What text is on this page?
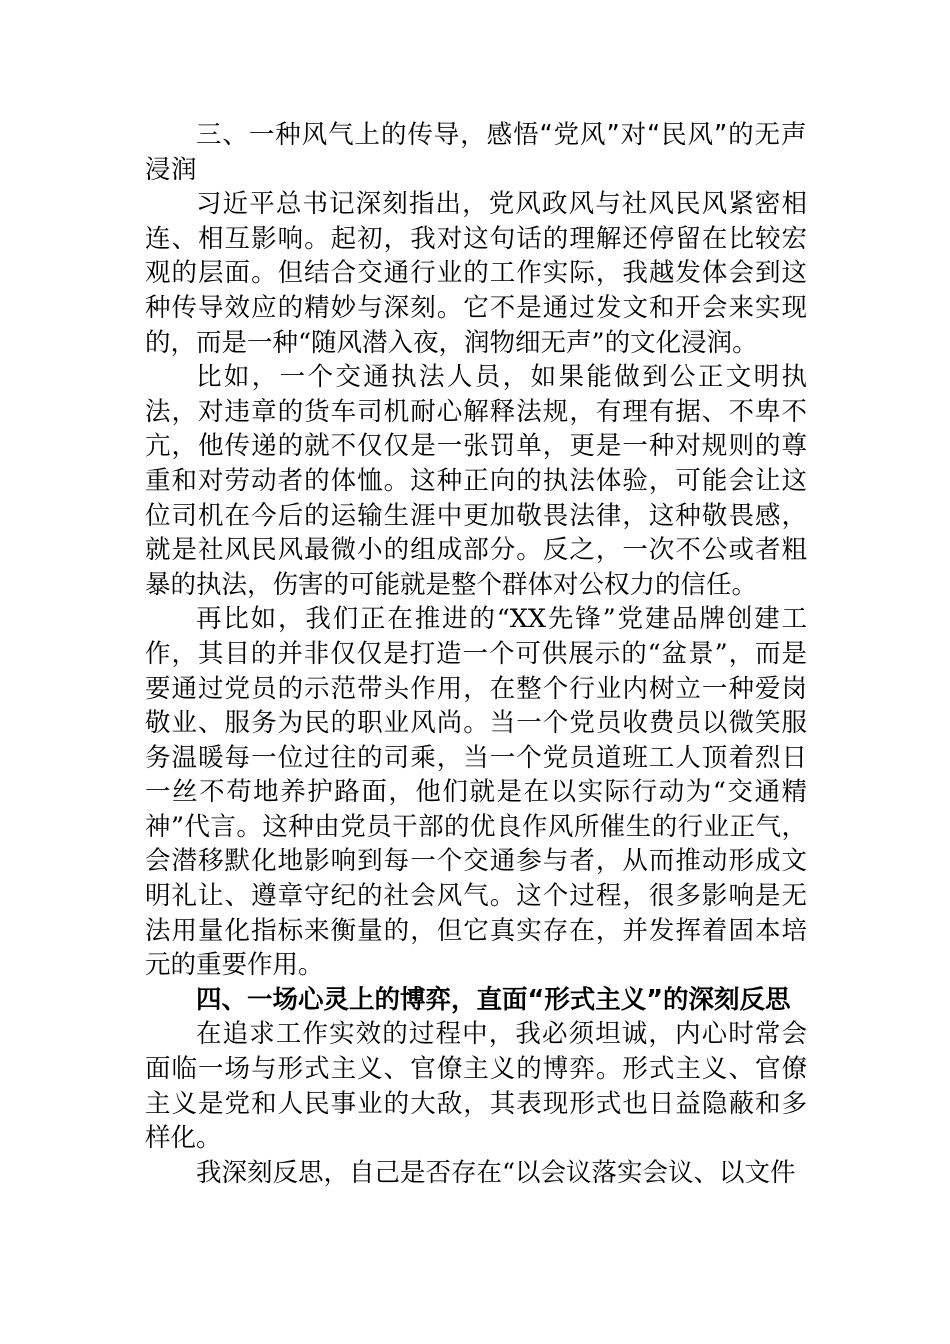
三、一种风气上的传导，感悟“党风”对“民风”的无声浸润

习近平总书记深刻指出，党风政风与社风民风紧密相连、相互影响。起初，我对这句话的理解还停留在比较宏观的层面。但结合交通行业的工作实际，我越发体会到这种传导效应的精妙与深刻。它不是通过发文和开会来实现的，而是一种“随风潜入夜，润物细无声”的文化浸润。

比如，一个交通执法人员，如果能做到公正文明执法，对违章的货车司机耐心解释法规，有理有据、不卑不亢，他传递的就不仅仅是一张罚单，更是一种对规则的尊重和对劳动者的体恤。这种正向的执法体验，可能会让这位司机在今后的运输生涯中更加敬畏法律，这种敬畏感，就是社风民风最微小的组成部分。反之，一次不公或者粗暴的执法，伤害的可能就是整个群体对公权力的信任。

再比如，我们正在推进的“XX先锋”党建品牌创建工作，其目的并非仅仅是打造一个可供展示的“盆景”，而是要通过党员的示范带头作用，在整个行业内树立一种爱岗敬业、服务为民的职业风尚。当一个党员收费员以微笑服务温暖每一位过往的司乘，当一个党员道班工人顶着烈日一丝不苟地养护路面，他们就是在以实际行动为“交通精神”代言。这种由党员干部的优良作风所催生的行业正气，会潜移默化地影响到每一个交通参与者，从而推动形成文明礼让、遵章守纪的社会风气。这个过程，很多影响是无法用量化指标来衡量的，但它真实存在，并发挥着固本培元的重要作用。

四、一场心灵上的博弈，直面“形式主义”的深刻反思

在追求工作实效的过程中，我必须坦诚，内心时常会面临一场与形式主义、官僚主义的博弈。形式主义、官僚主义是党和人民事业的大敌，其表现形式也日益隐蔽和多样化。

我深刻反思，自己是否存在“以会议落实会议、以文件
